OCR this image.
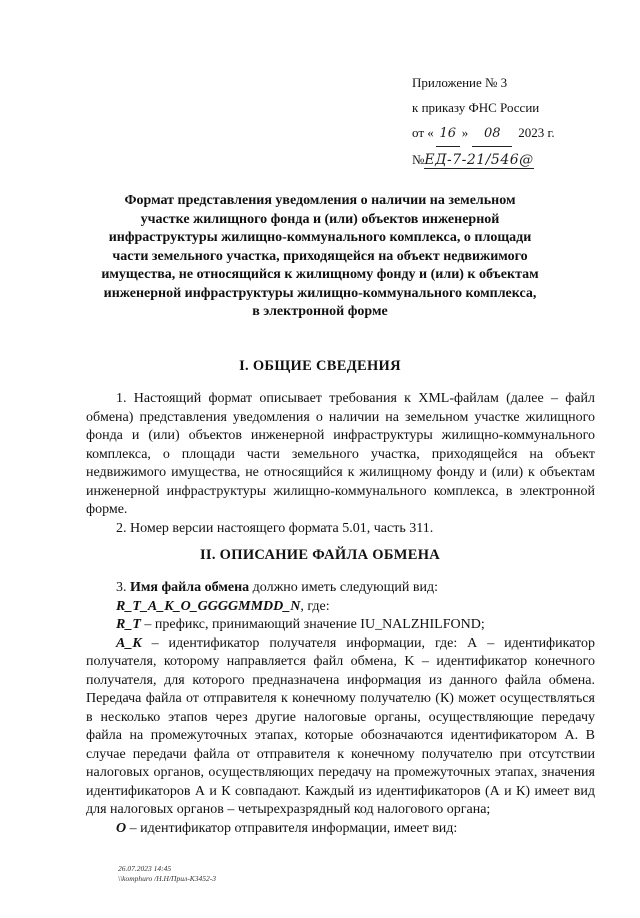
Приложение № 3
к приказу ФНС России
от « 16 » 08 2023 г.
№ЕД-7-21/546@
Формат представления уведомления о наличии на земельном участке жилищного фонда и (или) объектов инженерной инфраструктуры жилищно-коммунального комплекса, о площади части земельного участка, приходящейся на объект недвижимого имущества, не относящийся к жилищному фонду и (или) к объектам инженерной инфраструктуры жилищно-коммунального комплекса, в электронной форме
I. ОБЩИЕ СВЕДЕНИЯ

1. Настоящий формат описывает требования к XML-файлам (далее – файл обмена) представления уведомления о наличии на земельном участке жилищного фонда и (или) объектов инженерной инфраструктуры жилищно-коммунального комплекса, о площади части земельного участка, приходящейся на объект недвижимого имущества, не относящийся к жилищному фонду и (или) к объектам инженерной инфраструктуры жилищно-коммунального комплекса, в электронной форме.

2. Номер версии настоящего формата 5.01, часть 311.

II. ОПИСАНИЕ ФАЙЛА ОБМЕНА

3. Имя файла обмена должно иметь следующий вид:

R_T_A_K_O_GGGGMMDD_N, где:

R_T – префикс, принимающий значение IU_NALZHILFOND;

A_K – идентификатор получателя информации, где: А – идентификатор получателя, которому направляется файл обмена, K – идентификатор конечного получателя, для которого предназначена информация из данного файла обмена. Передача файла от отправителя к конечному получателю (К) может осуществляться в несколько этапов через другие налоговые органы, осуществляющие передачу файла на промежуточных этапах, которые обозначаются идентификатором А. В случае передачи файла от отправителя к конечному получателю при отсутствии налоговых органов, осуществляющих передачу на промежуточных этапах, значения идентификаторов А и К совпадают. Каждый из идентификаторов (А и К) имеет вид для налоговых органов – четырехразрядный код налогового органа;

O – идентификатор отправителя информации, имеет вид:

26.07.2023 14:45
\\komphuro /Н.Н/Прил-К3452-3
